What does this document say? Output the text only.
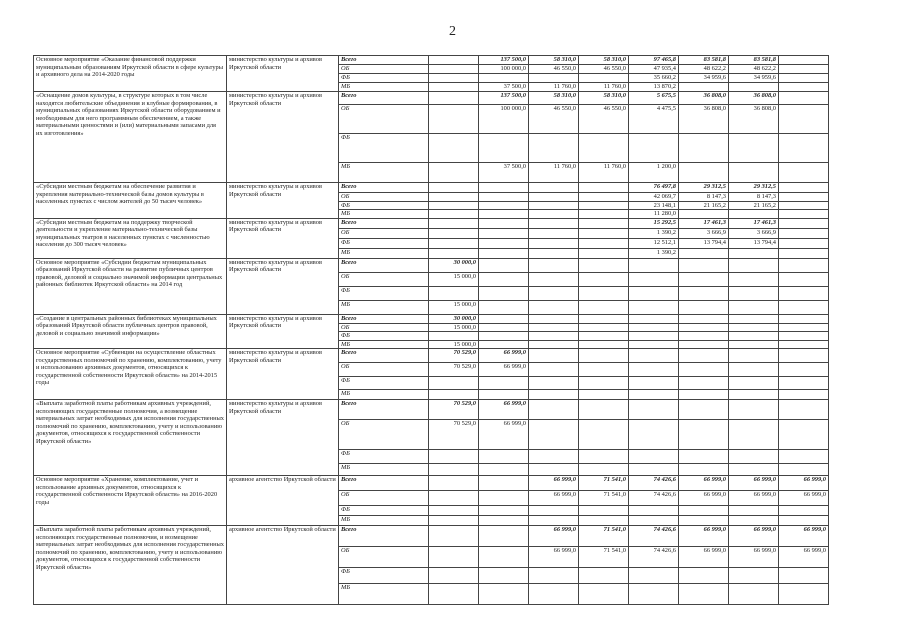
2
Основное мероприятие «Оказание финансовой поддержки муниципальным образованиям Иркутской области в сфере культуры и архивного дела на 2014-2020 годы	министерство культуры и архивов Иркутской области	Всего		137 500,0	58 310,0	58 310,0	97 465,8	83 581,8	83 581,8	
		ОБ		100 000,0	46 550,0	46 550,0	47 935,4	48 622,2	48 622,2	
		ФБ					35 660,2	34 959,6	34 959,6	
		МБ		37 500,0	11 760,0	11 760,0	13 870,2			
«Оснащение домов культуры, в структуре которых в том числе находятся любительские объединения и клубные формирования, в муниципальных образованиях Иркутской области оборудованием и необходимым для него программным обеспечением, а также материальными ценностями и (или) материальными запасами для их изготовления»	министерство культуры и архивов Иркутской области	Всего		137 500,0	58 310,0	58 310,0	5 675,5	36 808,0	36 808,0	
		ОБ		100 000,0	46 550,0	46 550,0	4 475,5	36 808,0	36 808,0	
		ФБ								
		МБ		37 500,0	11 760,0	11 760,0	1 200,0			
«Субсидии местным бюджетам на обеспечение развития и укрепления материально-технической базы домов культуры в населенных пунктах с числом жителей до 50 тысяч человек»	министерство культуры и архивов Иркутской области	Всего					76 497,8	29 312,5	29 312,5	
		ОБ					42 069,7	8 147,3	8 147,3	
		ФБ					23 148,1	21 165,2	21 165,2	
		МБ					11 280,0			
«Субсидии местным бюджетам на поддержку творческой деятельности и укрепление материально-технической базы муниципальных театров в населенных пунктах с численностью населения до 300 тысяч человек»	министерство культуры и архивов Иркутской области	Всего					15 292,5	17 461,3	17 461,3	
		ОБ					1 390,2	3 666,9	3 666,9	
		ФБ					12 512,1	13 794,4	13 794,4	
		МБ					1 390,2			
Основное мероприятие «Субсидии бюджетам муниципальных образований Иркутской области на развитие публичных центров правовой, деловой и социально значимой информации центральных районных библиотек Иркутской области» на 2014 год	министерство культуры и архивов Иркутской области	Всего	30 000,0							
		ОБ	15 000,0							
		ФБ								
		МБ	15 000,0							
«Создание в центральных районных библиотеках муниципальных образований Иркутской области публичных центров правовой, деловой и социально значимой информации»	министерство культуры и архивов Иркутской области	Всего	30 000,0							
		ОБ	15 000,0							
		ФБ								
		МБ	15 000,0							
Основное мероприятие «Субвенции на осуществление областных государственных полномочий по хранению, комплектованию, учету и использованию архивных документов, относящихся к государственной собственности Иркутской области» на 2014-2015 годы	министерство культуры и архивов Иркутской области	Всего	70 529,0	66 999,0						
		ОБ	70 529,0	66 999,0						
		ФБ								
		МБ								
«Выплата заработной платы работникам архивных учреждений, исполняющих государственные полномочия, а возмещение материальных затрат необходимых для исполнения государственных полномочий по хранению, комплектованию, учету и использованию документов, относящихся к государственной собственности Иркутской области»	министерство культуры и архивов Иркутской области	Всего	70 529,0	66 999,0						
		ОБ	70 529,0	66 999,0						
		ФБ								
		МБ								
Основное мероприятие «Хранение, комплектование, учет и использование архивных документов, относящихся к государственной собственности Иркутской области» на 2016-2020 годы	архивное агентство Иркутской области	Всего			66 999,0	71 541,0	74 426,6	66 999,0	66 999,0	66 999,0
		ОБ			66 999,0	71 541,0	74 426,6	66 999,0	66 999,0	66 999,0
		ФБ								
		МБ								
«Выплата заработной платы работникам архивных учреждений, исполняющих государственные полномочия, и возмещение материальных затрат необходимых для исполнения государственных полномочий по хранению, комплектованию, учету и использованию документов, относящихся к государственной собственности Иркутской области»	архивное агентство Иркутской области	Всего			66 999,0	71 541,0	74 426,6	66 999,0	66 999,0	66 999,0
		ОБ			66 999,0	71 541,0	74 426,6	66 999,0	66 999,0	66 999,0
		ФБ								
		МБ								
